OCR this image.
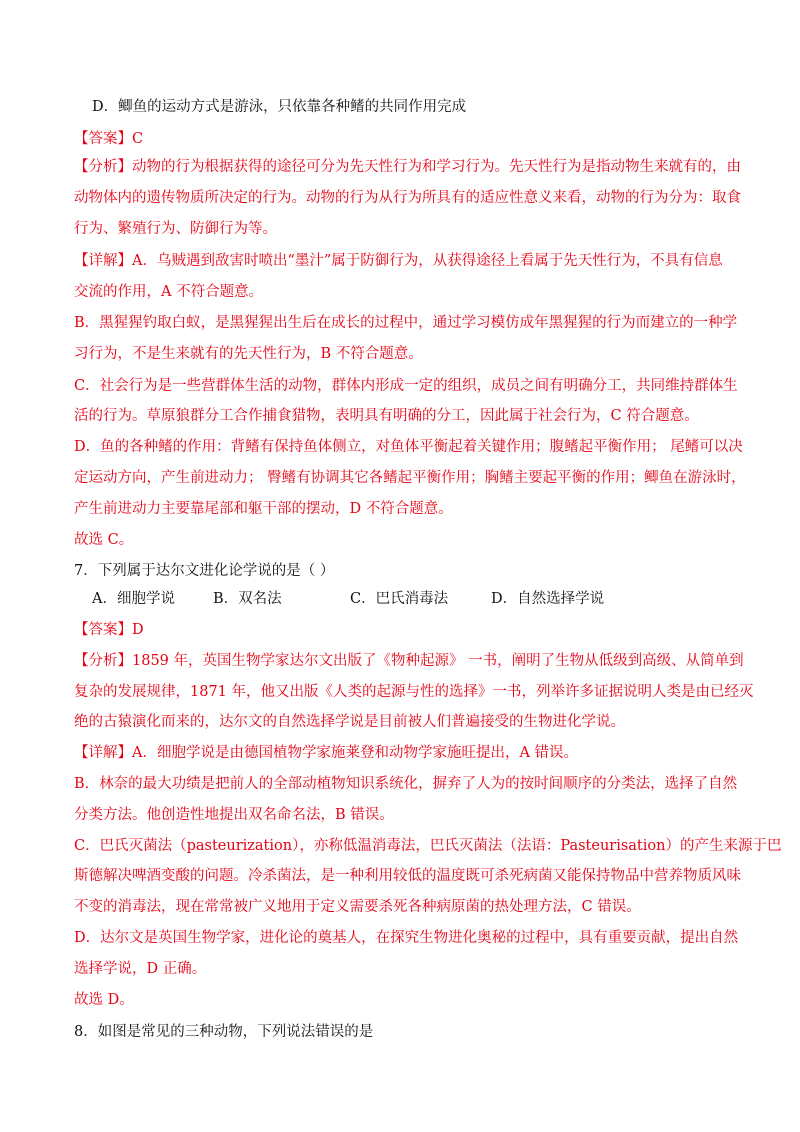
D．鲫鱼的运动方式是游泳，只依靠各种鳍的共同作用完成
【答案】C
【分析】动物的行为根据获得的途径可分为先天性行为和学习行为。先天性行为是指动物生来就有的，由
动物体内的遗传物质所决定的行为。动物的行为从行为所具有的适应性意义来看，动物的行为分为：取食
行为、繁殖行为、防御行为等。
【详解】A．乌贼遇到敌害时喷出“墨汁”属于防御行为，从获得途径上看属于先天性行为，不具有信息
交流的作用，A 不符合题意。
B．黑猩猩钓取白蚁，是黑猩猩出生后在成长的过程中，通过学习模仿成年黑猩猩的行为而建立的一种学
习行为，不是生来就有的先天性行为，B 不符合题意。
C．社会行为是一些营群体生活的动物，群体内形成一定的组织，成员之间有明确分工，共同维持群体生
活的行为。草原狼群分工合作捕食猎物，表明具有明确的分工，因此属于社会行为，C 符合题意。
D．鱼的各种鳍的作用：背鳍有保持鱼体侧立，对鱼体平衡起着关键作用；腹鳍起平衡作用； 尾鳍可以决
定运动方向，产生前进动力； 臀鳍有协调其它各鳍起平衡作用；胸鳍主要起平衡的作用；鲫鱼在游泳时，
产生前进动力主要靠尾部和躯干部的摆动，D 不符合题意。
故选 C。
7．下列属于达尔文进化论学说的是（ ）
A．细胞学说	B．双名法	C．巴氏消毒法	D．自然选择学说
【答案】D
【分析】1859 年，英国生物学家达尔文出版了《物种起源》 一书，阐明了生物从低级到高级、从简单到
复杂的发展规律，1871 年，他又出版《人类的起源与性的选择》一书，列举许多证据说明人类是由已经灭
绝的古猿演化而来的，达尔文的自然选择学说是目前被人们普遍接受的生物进化学说。
【详解】A．细胞学说是由德国植物学家施莱登和动物学家施旺提出，A 错误。
B．林奈的最大功绩是把前人的全部动植物知识系统化，摒弃了人为的按时间顺序的分类法，选择了自然
分类方法。他创造性地提出双名命名法，B 错误。
C．巴氏灭菌法（pasteurization），亦称低温消毒法，巴氏灭菌法（法语：Pasteurisation）的产生来源于巴
斯德解决啤酒变酸的问题。冷杀菌法，是一种利用较低的温度既可杀死病菌又能保持物品中营养物质风味
不变的消毒法，现在常常被广义地用于定义需要杀死各种病原菌的热处理方法，C 错误。
D．达尔文是英国生物学家，进化论的奠基人，在探究生物进化奥秘的过程中，具有重要贡献，提出自然
选择学说，D 正确。
故选 D。
8．如图是常见的三种动物，下列说法错误的是
